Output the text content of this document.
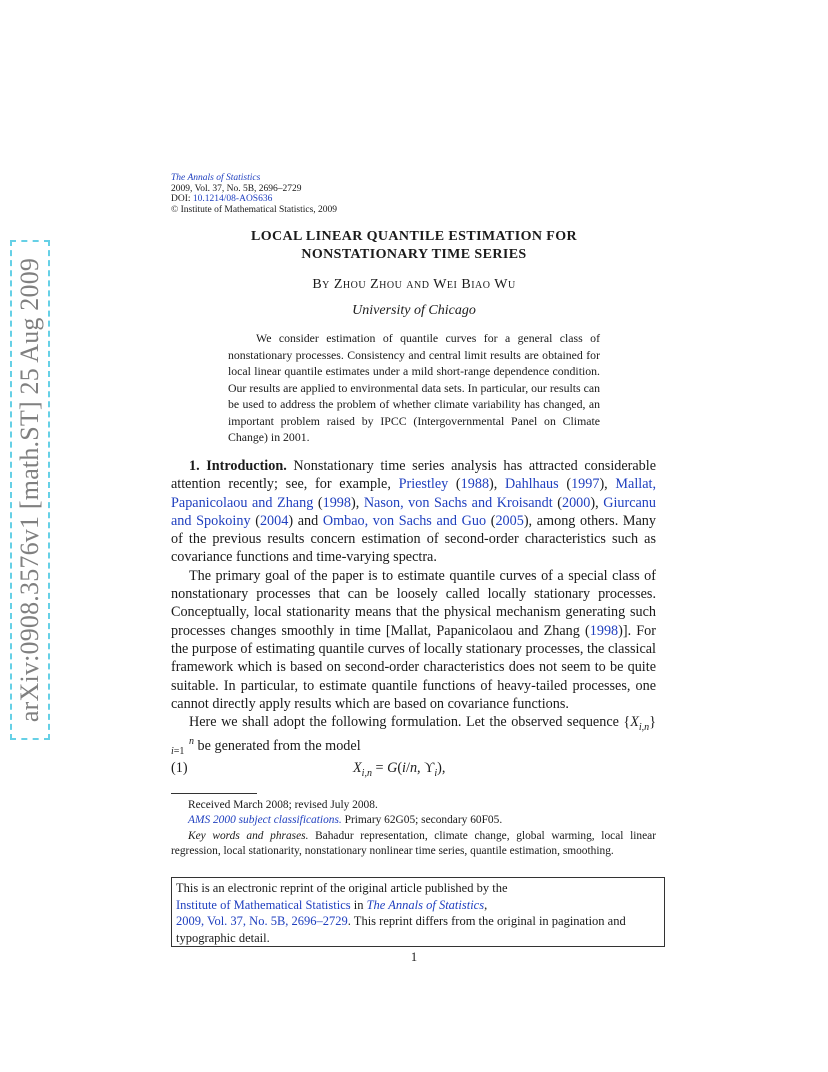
arXiv:0908.3576v1 [math.ST] 25 Aug 2009
The Annals of Statistics
2009, Vol. 37, No. 5B, 2696–2729
DOI: 10.1214/08-AOS636
© Institute of Mathematical Statistics, 2009
LOCAL LINEAR QUANTILE ESTIMATION FOR
NONSTATIONARY TIME SERIES
By Zhou Zhou and Wei Biao Wu
University of Chicago
We consider estimation of quantile curves for a general class of nonstationary processes. Consistency and central limit results are obtained for local linear quantile estimates under a mild short-range dependence condition. Our results are applied to environmental data sets. In particular, our results can be used to address the problem of whether climate variability has changed, an important problem raised by IPCC (Intergovernmental Panel on Climate Change) in 2001.

1. Introduction. Nonstationary time series analysis has attracted considerable attention recently; see, for example, Priestley (1988), Dahlhaus (1997), Mallat, Papanicolaou and Zhang (1998), Nason, von Sachs and Kroisandt (2000), Giurcanu and Spokoiny (2004) and Ombao, von Sachs and Guo (2005), among others. Many of the previous results concern estimation of second-order characteristics such as covariance functions and time-varying spectra.

The primary goal of the paper is to estimate quantile curves of a special class of nonstationary processes that can be loosely called locally stationary processes. Conceptually, local stationarity means that the physical mechanism generating such processes changes smoothly in time [Mallat, Papanicolaou and Zhang (1998)]. For the purpose of estimating quantile curves of locally stationary processes, the classical framework which is based on second-order characteristics does not seem to be quite suitable. In particular, to estimate quantile functions of heavy-tailed processes, one cannot directly apply results which are based on covariance functions.

Here we shall adopt the following formulation. Let the observed sequence $\{X_{i,n}\}n$
i=1 be generated from the model

(1)	$X_{i,n} = G(i/n$, $ϒ_i$),

Received March 2008; revised July 2008.

AMS 2000 subject classifications. Primary 62G05; secondary 60F05.

Key words and phrases. Bahadur representation, climate change, global warming, local linear regression, local stationarity, nonstationary nonlinear time series, quantile estimation, smoothing.

This is an electronic reprint of the original article published by the
Institute of Mathematical Statistics in The Annals of Statistics,
2009, Vol. 37, No. 5B, 2696–2729. This reprint differs from the original in pagination and typographic detail.
1
